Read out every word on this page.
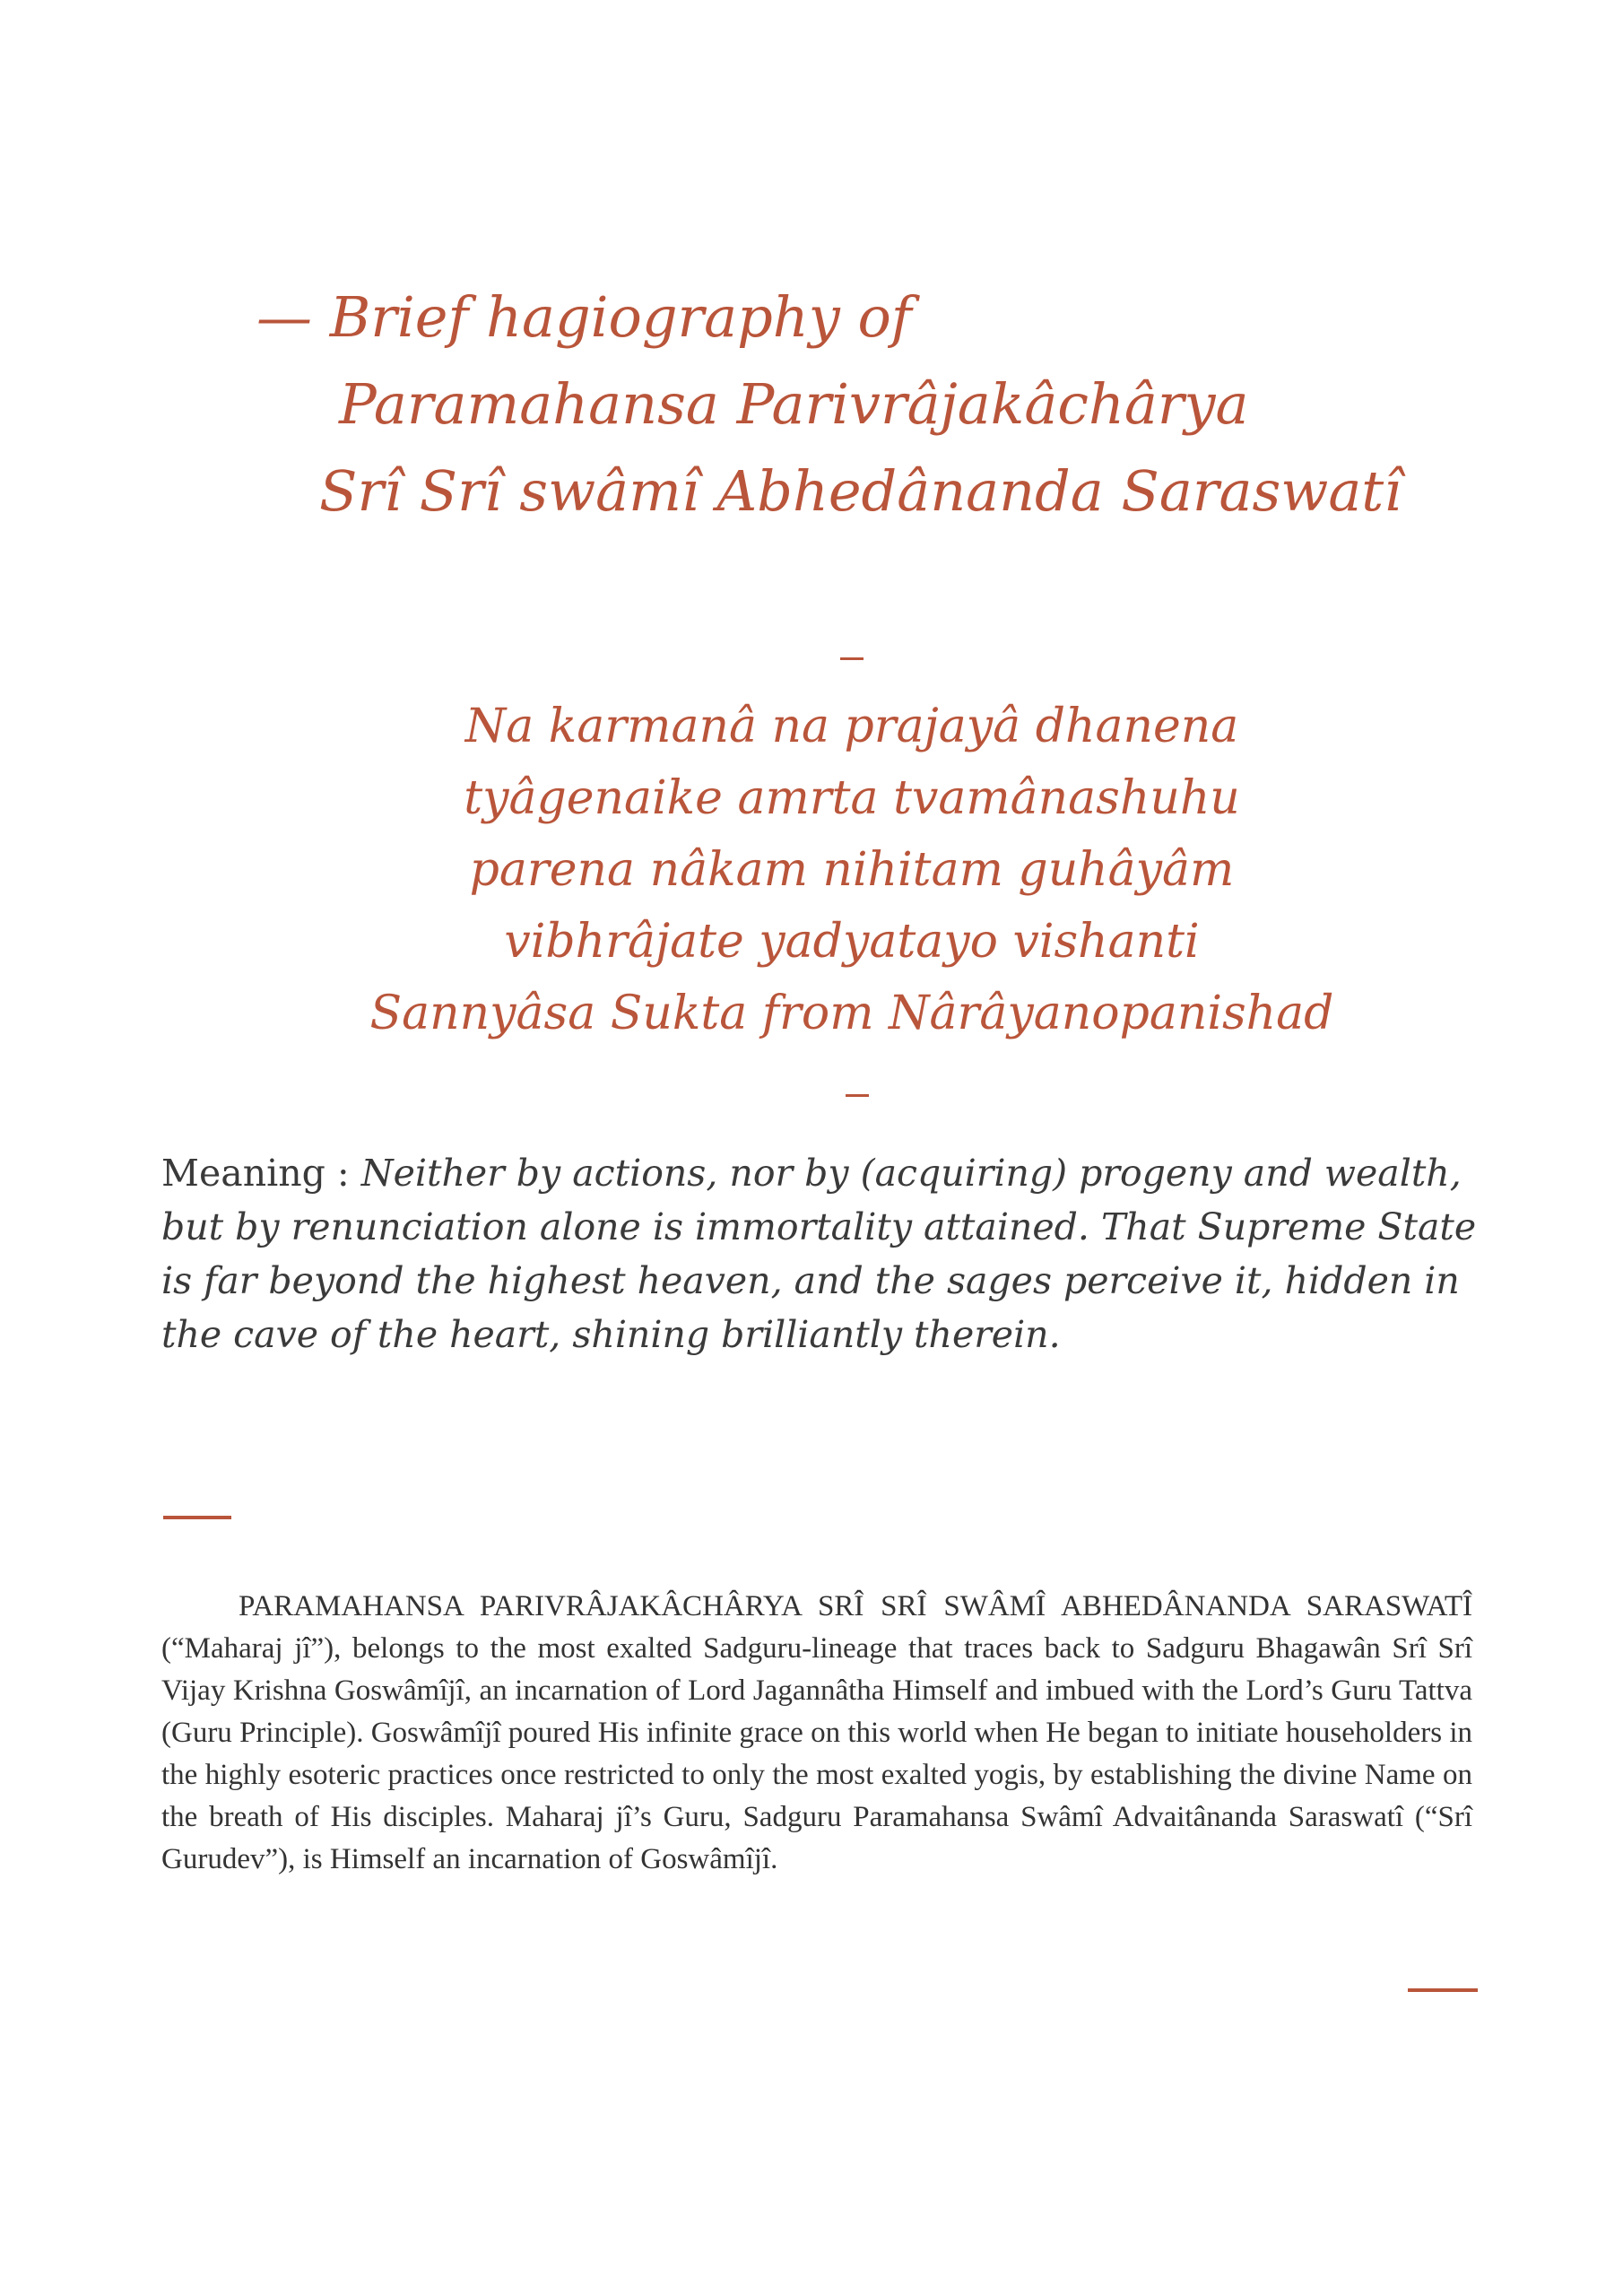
— Brief hagiography of
Paramahansa Parivrâjakâchârya
Srî Srî swâmî Abhedânanda Saraswatî

Na karmanâ na prajayâ dhanena
tyâgenaike amrta tvamânashuhu
parena nâkam nihitam guhâyâm
vibhrâjate yadyatayo vishanti
Sannyâsa Sukta from Nârâyanopanishad

Meaning : Neither by actions, nor by (acquiring) progeny and wealth, but by renunciation alone is immortality attained. That Supreme State is far beyond the highest heaven, and the sages perceive it, hidden in the cave of the heart, shining brilliantly therein.

PARAMAHANSA PARIVRÂJAKÂCHÂRYA SRÎ SRÎ SWÂMÎ ABHEDÂNANDA SARASWATÎ (“Maharaj jî”), belongs to the most exalted Sadguru-lineage that traces back to Sadguru Bhagawân Srî Srî Vijay Krishna Goswâmîjî, an incarnation of Lord Jagannâtha Himself and imbued with the Lord’s Guru Tattva (Guru Principle). Goswâmîjî poured His infinite grace on this world when He began to initiate householders in the highly esoteric practices once restricted to only the most exalted yogis, by establishing the divine Name on the breath of His disciples. Maharaj jî’s Guru, Sadguru Paramahansa Swâmî Advaitânanda Saraswatî (“Srî Gurudev”), is Himself an incarnation of Goswâmîjî.
